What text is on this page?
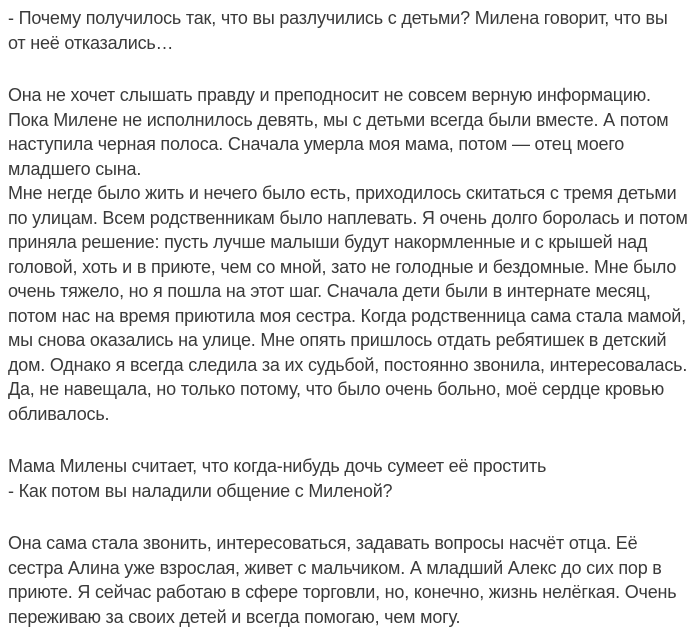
- Почему получилось так, что вы разлучились с детьми? Милена говорит, что вы
от неё отказались…
Она не хочет слышать правду и преподносит не совсем верную информацию.
Пока Милене не исполнилось девять, мы с детьми всегда были вместе. А потом
наступила черная полоса. Сначала умерла моя мама, потом — отец моего
младшего сына.
Мне негде было жить и нечего было есть, приходилось скитаться с тремя детьми
по улицам. Всем родственникам было наплевать. Я очень долго боролась и потом
приняла решение: пусть лучше малыши будут накормленные и с крышей над
головой, хоть и в приюте, чем со мной, зато не голодные и бездомные. Мне было
очень тяжело, но я пошла на этот шаг. Сначала дети были в интернате месяц,
потом нас на время приютила моя сестра. Когда родственница сама стала мамой,
мы снова оказались на улице. Мне опять пришлось отдать ребятишек в детский
дом. Однако я всегда следила за их судьбой, постоянно звонила, интересовалась.
Да, не навещала, но только потому, что было очень больно, моё сердце кровью
обливалось.
Мама Милены считает, что когда-нибудь дочь сумеет её простить
- Как потом вы наладили общение с Миленой?
Она сама стала звонить, интересоваться, задавать вопросы насчёт отца. Её
сестра Алина уже взрослая, живет с мальчиком. А младший Алекс до сих пор в
приюте. Я сейчас работаю в сфере торговли, но, конечно, жизнь нелёгкая. Очень
переживаю за своих детей и всегда помогаю, чем могу.
